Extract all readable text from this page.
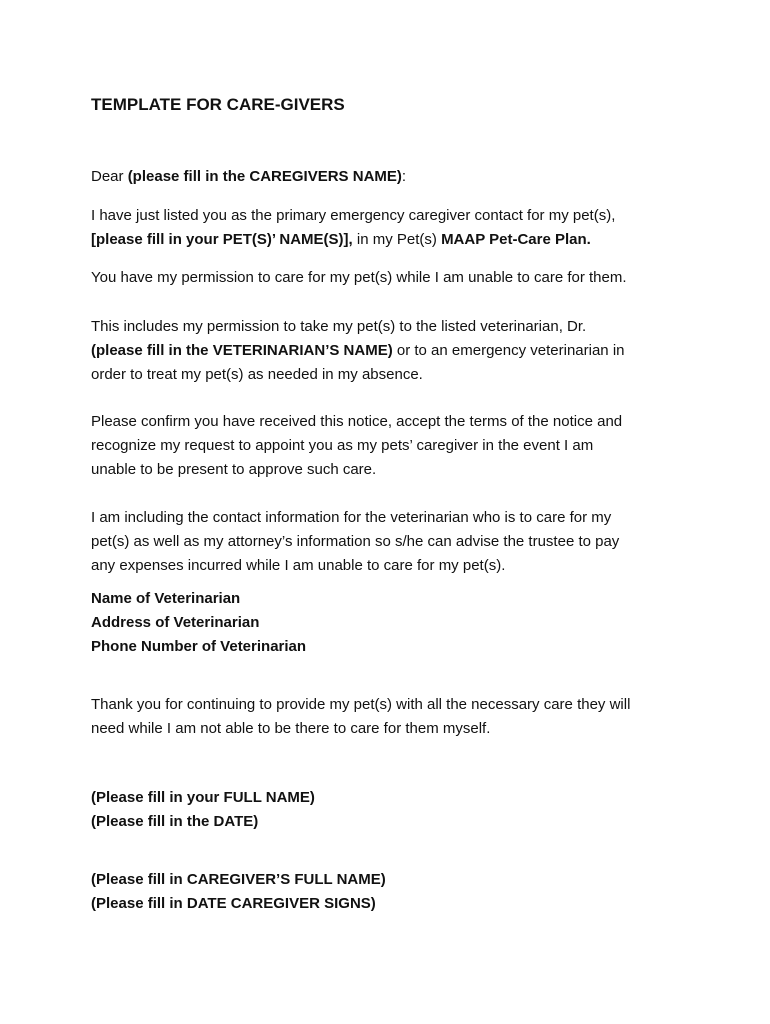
TEMPLATE FOR CARE-GIVERS
Dear (please fill in the CAREGIVERS NAME):
I have just listed you as the primary emergency caregiver contact for my pet(s),
[please fill in your PET(S)’ NAME(S)], in my Pet(s) MAAP Pet-Care Plan.
You have my permission to care for my pet(s) while I am unable to care for them.
This includes my permission to take my pet(s) to the listed veterinarian, Dr.
(please fill in the VETERINARIAN’S NAME) or to an emergency veterinarian in
order to treat my pet(s) as needed in my absence.
Please confirm you have received this notice, accept the terms of the notice and
recognize my request to appoint you as my pets’ caregiver in the event I am
unable to be present to approve such care.
I am including the contact information for the veterinarian who is to care for my
pet(s) as well as my attorney’s information so s/he can advise the trustee to pay
any expenses incurred while I am unable to care for my pet(s).
Name of Veterinarian
Address of Veterinarian
Phone Number of Veterinarian
Thank you for continuing to provide my pet(s) with all the necessary care they will
need while I am not able to be there to care for them myself.
(Please fill in your FULL NAME)
(Please fill in the DATE)
(Please fill in CAREGIVER’S FULL NAME)
(Please fill in DATE CAREGIVER SIGNS)
